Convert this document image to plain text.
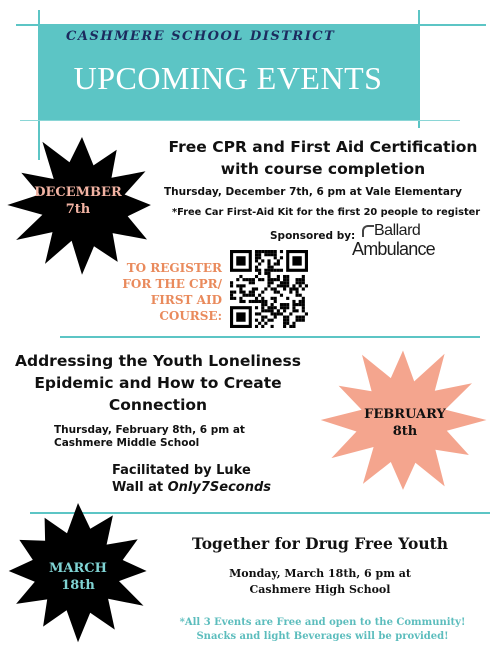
CASHMERE SCHOOL DISTRICT
UPCOMING EVENTS
DECEMBER
7th
Free CPR and First Aid Certification
with course completion
Thursday, December 7th, 6 pm at Vale Elementary
*Free Car First-Aid Kit for the first 20 people to register
Sponsored by:	Ballard
Ambulance
TO REGISTER
FOR THE CPR/
FIRST AID
COURSE:
Addressing the Youth Loneliness
Epidemic and How to Create
Connection
Thursday, February 8th, 6 pm at
Cashmere Middle School
Facilitated by Luke
Wall at Only7Seconds
FEBRUARY
8th
MARCH
18th
Together for Drug Free Youth
Monday, March 18th, 6 pm at
Cashmere High School
*All 3 Events are Free and open to the Community!
Snacks and light Beverages will be provided!
